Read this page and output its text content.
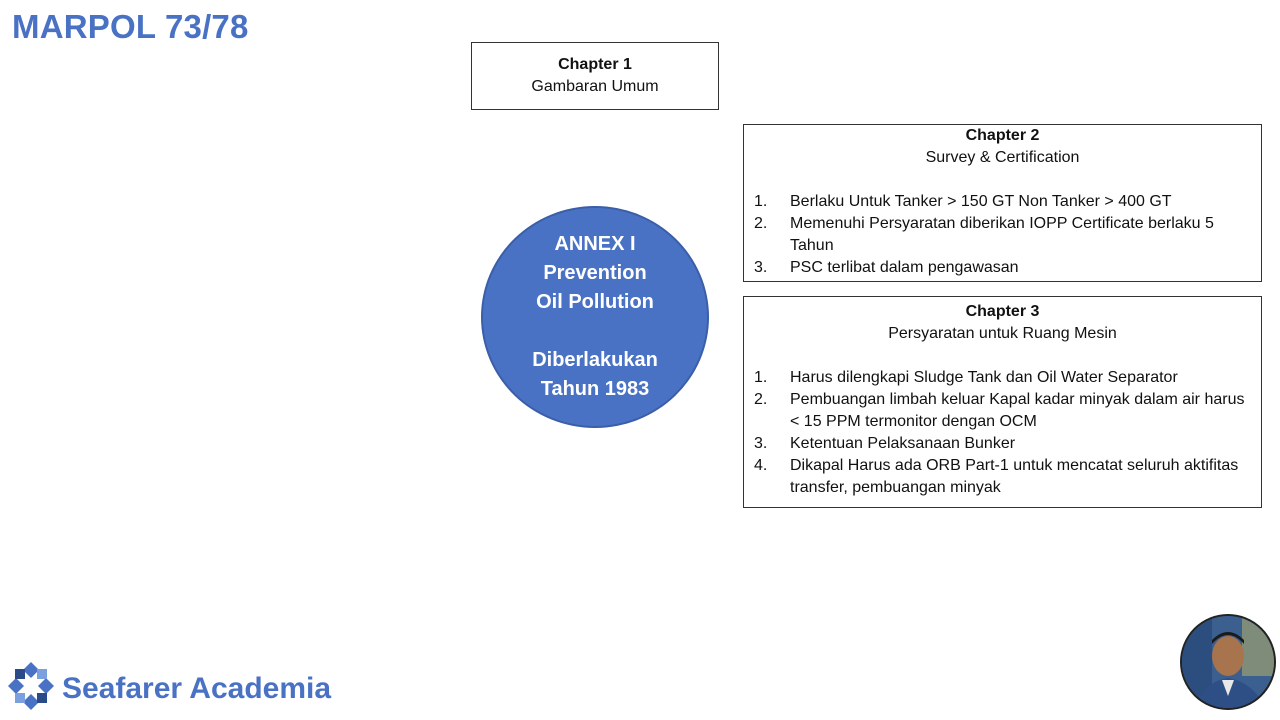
MARPOL 73/78
Chapter 1
Gambaran Umum
Chapter 2
Survey & Certification
1.	Berlaku Untuk Tanker > 150 GT Non Tanker > 400 GT
2.	Memenuhi Persyaratan diberikan IOPP Certificate berlaku 5 Tahun
3.	PSC terlibat dalam pengawasan
Chapter 3
Persyaratan untuk Ruang Mesin
1.	Harus dilengkapi Sludge Tank dan Oil Water Separator
2.	Pembuangan limbah keluar Kapal kadar minyak dalam air harus < 15 PPM termonitor dengan OCM
3.	Ketentuan Pelaksanaan Bunker
4.	Dikapal Harus ada ORB Part-1 untuk mencatat seluruh aktifitas transfer, pembuangan minyak
ANNEX I
Prevention
Oil Pollution
Diberlakukan
Tahun 1983
Seafarer Academia
